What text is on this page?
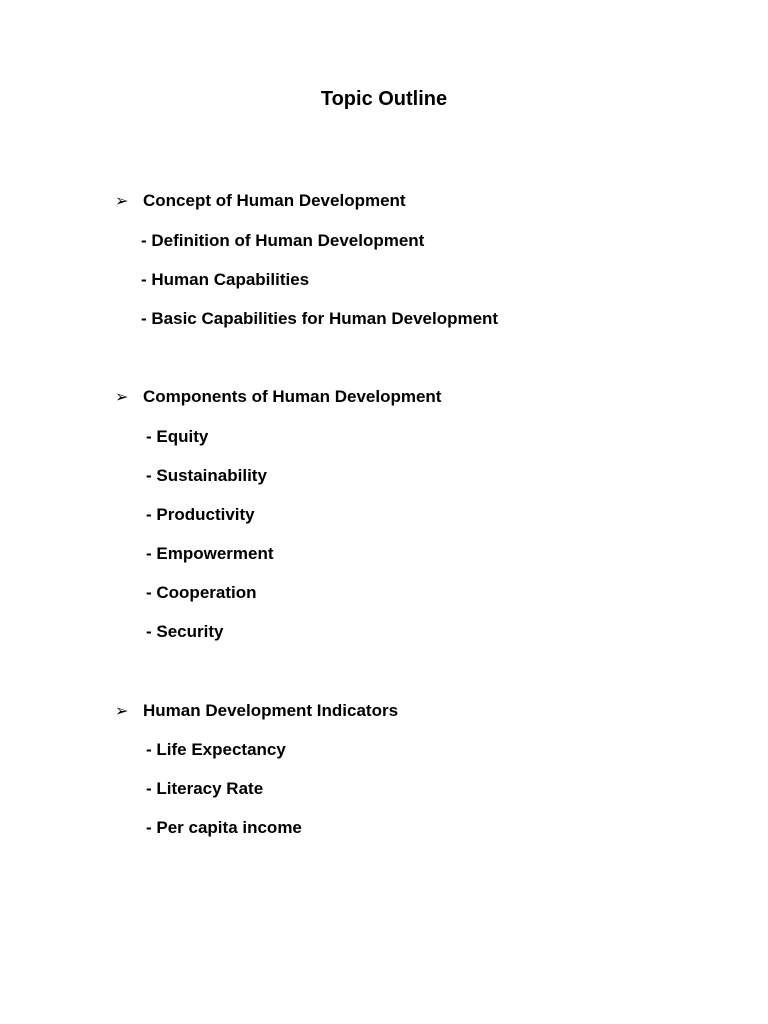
Topic Outline
➢ Concept of Human Development
- Definition of Human Development
- Human Capabilities
- Basic Capabilities for Human Development
➢ Components of Human Development
- Equity
- Sustainability
- Productivity
- Empowerment
- Cooperation
- Security
➢ Human Development Indicators
- Life Expectancy
- Literacy Rate
- Per capita income
